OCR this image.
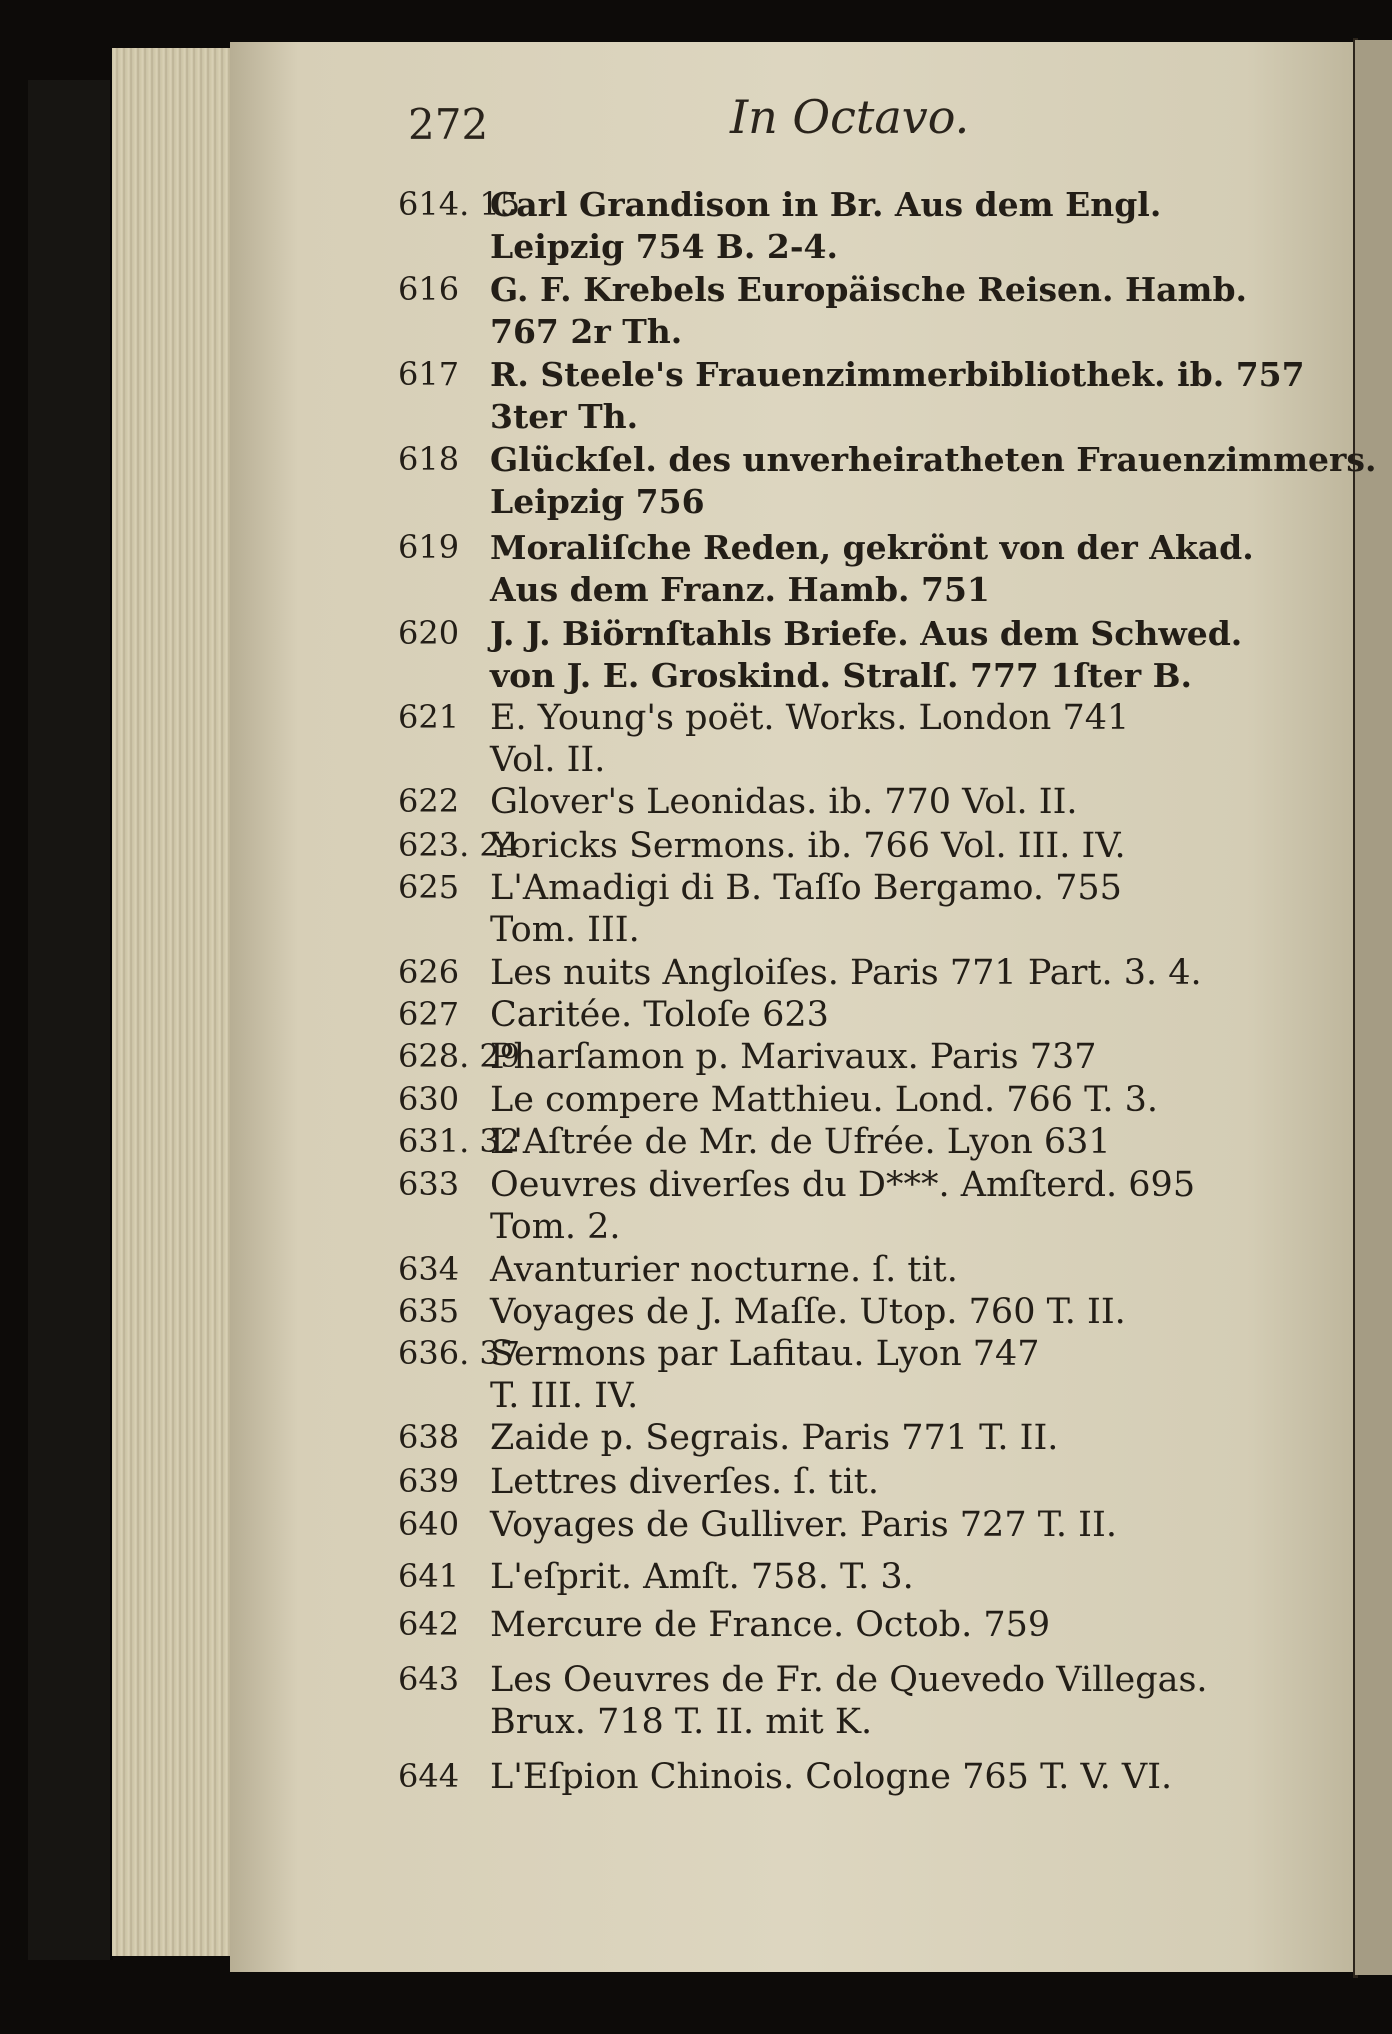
272	In Octavo.
614. 15
Carl Grandison in Br. Aus dem Engl.
Leipzig 754 B. 2-4.
616 G. F. Krebels Europäische Reisen. Hamb.
767 2r Th.
617 R. Steele's Frauenzimmerbibliothek. ib. 757
3ter Th.
618 Glückſel. des unverheiratheten Frauenzimmers.
Leipzig 756
619 Moraliſche Reden, gekrönt von der Akad.
Aus dem Franz. Hamb. 751
620 J. J. Biörnſtahls Briefe. Aus dem Schwed.
von J. E. Groskind. Stralſ. 777 1ſter B.
621 E. Young's poët. Works. London 741
Vol. II.
622 Glover's Leonidas. ib. 770 Vol. II.
623. 24
Yoricks Sermons. ib. 766 Vol. III. IV.
625 L'Amadigi di B. Taſſo Bergamo. 755
Tom. III.
626 Les nuits Angloiſes. Paris 771 Part. 3. 4.
627 Caritée. Toloſe 623
628. 29
Pharſamon p. Marivaux. Paris 737
630 Le compere Matthieu. Lond. 766 T. 3.
631. 32
L'Aſtrée de Mr. de Ufrée. Lyon 631
633 Oeuvres diverſes du D***. Amſterd. 695
Tom. 2.
634 Avanturier nocturne. ſ. tit.
635 Voyages de J. Maſſe. Utop. 760 T. II.
636. 37
Sermons par Lafitau. Lyon 747
T. III. IV.
638 Zaide p. Segrais. Paris 771 T. II.
639 Lettres diverſes. ſ. tit.
640 Voyages de Gulliver. Paris 727 T. II.
641 L'eſprit. Amſt. 758. T. 3.
642 Mercure de France. Octob. 759
643 Les Oeuvres de Fr. de Quevedo Villegas.
Brux. 718 T. II. mit K.
644 L'Eſpion Chinois. Cologne 765 T. V. VI.
